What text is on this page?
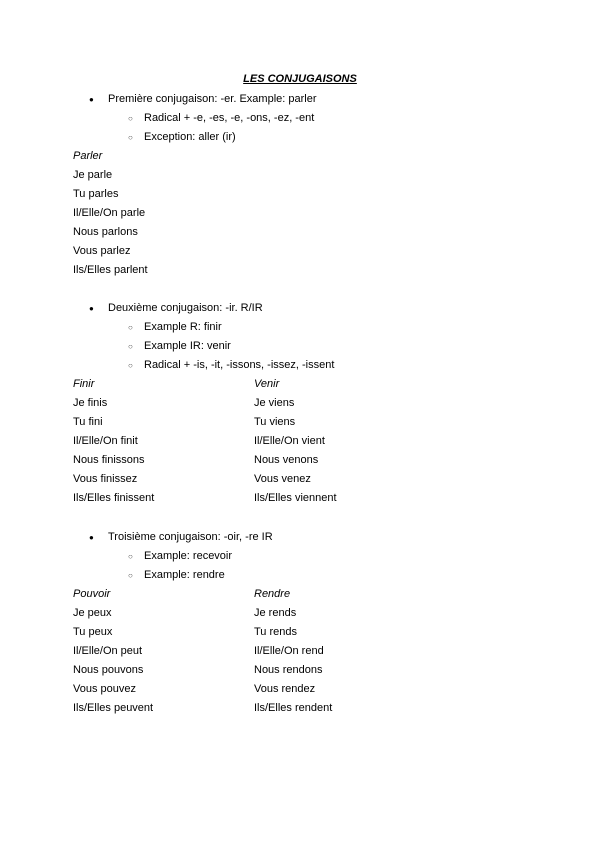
LES CONJUGAISONS
● Première conjugaison: -er. Example: parler
○ Radical + -e, -es, -e, -ons, -ez, -ent
○ Exception: aller (ir)
Parler
Je parle
Tu parles
Il/Elle/On parle
Nous parlons
Vous parlez
Ils/Elles parlent
● Deuxième conjugaison: -ir. R/IR
○ Example R: finir
○ Example IR: venir
○ Radical + -is, -it, -issons, -issez, -issent
Finir	Venir
Je finis	Je viens
Tu fini	Tu viens
Il/Elle/On finit	Il/Elle/On vient
Nous finissons	Nous venons
Vous finissez	Vous venez
Ils/Elles finissent	Ils/Elles viennent
● Troisième conjugaison: -oir, -re IR
○ Example: recevoir
○ Example: rendre
Pouvoir	Rendre
Je peux	Je rends
Tu peux	Tu rends
Il/Elle/On peut	Il/Elle/On rend
Nous pouvons	Nous rendons
Vous pouvez	Vous rendez
Ils/Elles peuvent	Ils/Elles rendent
